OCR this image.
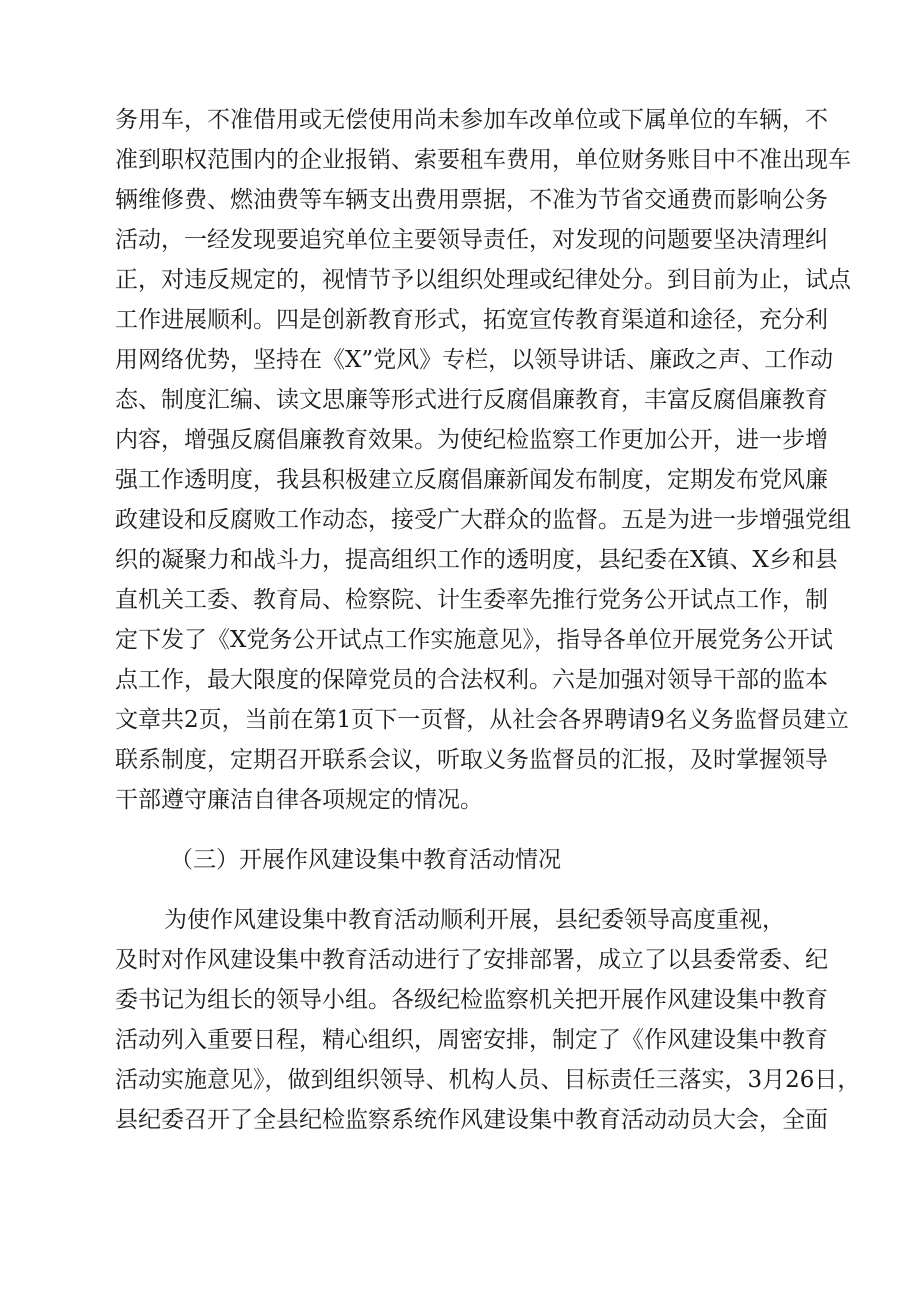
务用车，不准借用或无偿使用尚未参加车改单位或下属单位的车辆，不
准到职权范围内的企业报销、索要租车费用，单位财务账目中不准出现车
辆维修费、燃油费等车辆支出费用票据，不准为节省交通费而影响公务
活动，一经发现要追究单位主要领导责任，对发现的问题要坚决清理纠
正，对违反规定的，视情节予以组织处理或纪律处分。到目前为止，试点
工作进展顺利。四是创新教育形式，拓宽宣传教育渠道和途径，充分利
用网络优势，坚持在《X”党风》专栏，以领导讲话、廉政之声、工作动
态、制度汇编、读文思廉等形式进行反腐倡廉教育，丰富反腐倡廉教育
内容，增强反腐倡廉教育效果。为使纪检监察工作更加公开，进一步增
强工作透明度，我县积极建立反腐倡廉新闻发布制度，定期发布党风廉
政建设和反腐败工作动态，接受广大群众的监督。五是为进一步增强党组
织的凝聚力和战斗力，提高组织工作的透明度，县纪委在X镇、X乡和县
直机关工委、教育局、检察院、计生委率先推行党务公开试点工作，制
定下发了《X党务公开试点工作实施意见》，指导各单位开展党务公开试
点工作，最大限度的保障党员的合法权利。六是加强对领导干部的监本
文章共2页，当前在第1页下一页督，从社会各界聘请9名义务监督员建立
联系制度，定期召开联系会议，听取义务监督员的汇报，及时掌握领导
干部遵守廉洁自律各项规定的情况。
（三）开展作风建设集中教育活动情况
为使作风建设集中教育活动顺利开展，县纪委领导高度重视，
及时对作风建设集中教育活动进行了安排部署，成立了以县委常委、纪
委书记为组长的领导小组。各级纪检监察机关把开展作风建设集中教育
活动列入重要日程，精心组织，周密安排，制定了《作风建设集中教育
活动实施意见》，做到组织领导、机构人员、目标责任三落实，3月26日，
县纪委召开了全县纪检监察系统作风建设集中教育活动动员大会，全面
